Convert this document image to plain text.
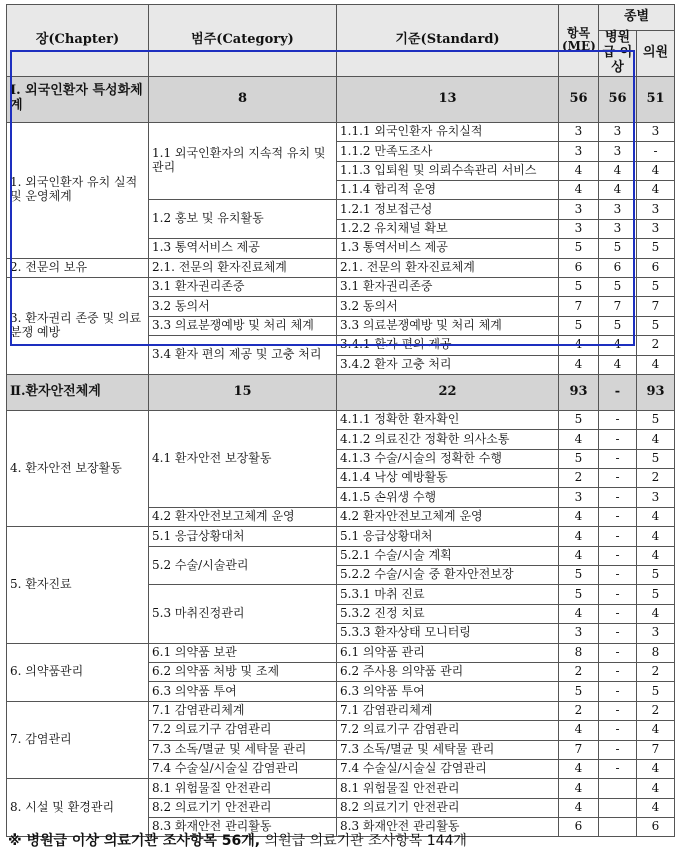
장(Chapter)	범주(Category)	기준(Standard)	항목 (ME)	종별	
				병원급 이상	의원
Ⅰ. 외국인환자 특성화체계	8	13	56	56	51
1. 외국인환자 유치 실적 및 운영체계	1.1 외국인환자의 지속적 유치 및 관리	1.1.1 외국인환자 유치실적	3	3	3
		1.1.2 만족도조사	3	3	-
		1.1.3 입퇴원 및 의뢰수속관리 서비스	4	4	4
		1.1.4 합리적 운영	4	4	4
	1.2 홍보 및 유치활동	1.2.1 정보접근성	3	3	3
		1.2.2 유치채널 확보	3	3	3
	1.3 통역서비스 제공	1.3 통역서비스 제공	5	5	5
2. 전문의 보유	2.1. 전문의 환자진료체계	2.1. 전문의 환자진료체계	6	6	6
3. 환자권리 존중 및 의료분쟁 예방	3.1 환자권리존중	3.1 환자권리존중	5	5	5
	3.2 동의서	3.2 동의서	7	7	7
	3.3 의료분쟁예방 및 처리 체계	3.3 의료분쟁예방 및 처리 체계	5	5	5
	3.4 환자 편의 제공 및 고충 처리	3.4.1 환자 편의 제공	4	4	2
		3.4.2 환자 고충 처리	4	4	4
Ⅱ.환자안전체계	15	22	93	-	93
4. 환자안전 보장활동	4.1 환자안전 보장활동	4.1.1 정확한 환자확인	5	-	5
		4.1.2 의료진간 정확한 의사소통	4	-	4
		4.1.3 수술/시술의 정확한 수행	5	-	5
		4.1.4 낙상 예방활동	2	-	2
		4.1.5 손위생 수행	3	-	3
	4.2 환자안전보고체계 운영	4.2 환자안전보고체계 운영	4	-	4
5. 환자진료	5.1 응급상황대처	5.1 응급상황대처	4	-	4
	5.2 수술/시술관리	5.2.1 수술/시술 계획	4	-	4
		5.2.2 수술/시술 중 환자안전보장	5	-	5
	5.3 마취진정관리	5.3.1 마취 진료	5	-	5
		5.3.2 진정 치료	4	-	4
		5.3.3 환자상태 모니터링	3	-	3
6. 의약품관리	6.1 의약품 보관	6.1 의약품 관리	8	-	8
	6.2 의약품 처방 및 조제	6.2 주사용 의약품 관리	2	-	2
	6.3 의약품 투여	6.3 의약품 투여	5	-	5
7. 감염관리	7.1 감염관리체계	7.1 감염관리체계	2	-	2
	7.2 의료기구 감염관리	7.2 의료기구 감염관리	4	-	4
	7.3 소독/멸균 및 세탁물 관리	7.3 소독/멸균 및 세탁물 관리	7	-	7
	7.4 수술실/시술실 감염관리	7.4 수술실/시술실 감염관리	4	-	4
8. 시설 및 환경관리	8.1 위험물질 안전관리	8.1 위험물질 안전관리	4		4
	8.2 의료기기 안전관리	8.2 의료기기 안전관리	4		4
	8.3 화재안전 관리활동	8.3 화재안전 관리활동	6		6
※ 병원급 이상 의료기관 조사항목 56개, 의원급 의료기관 조사항목 144개
